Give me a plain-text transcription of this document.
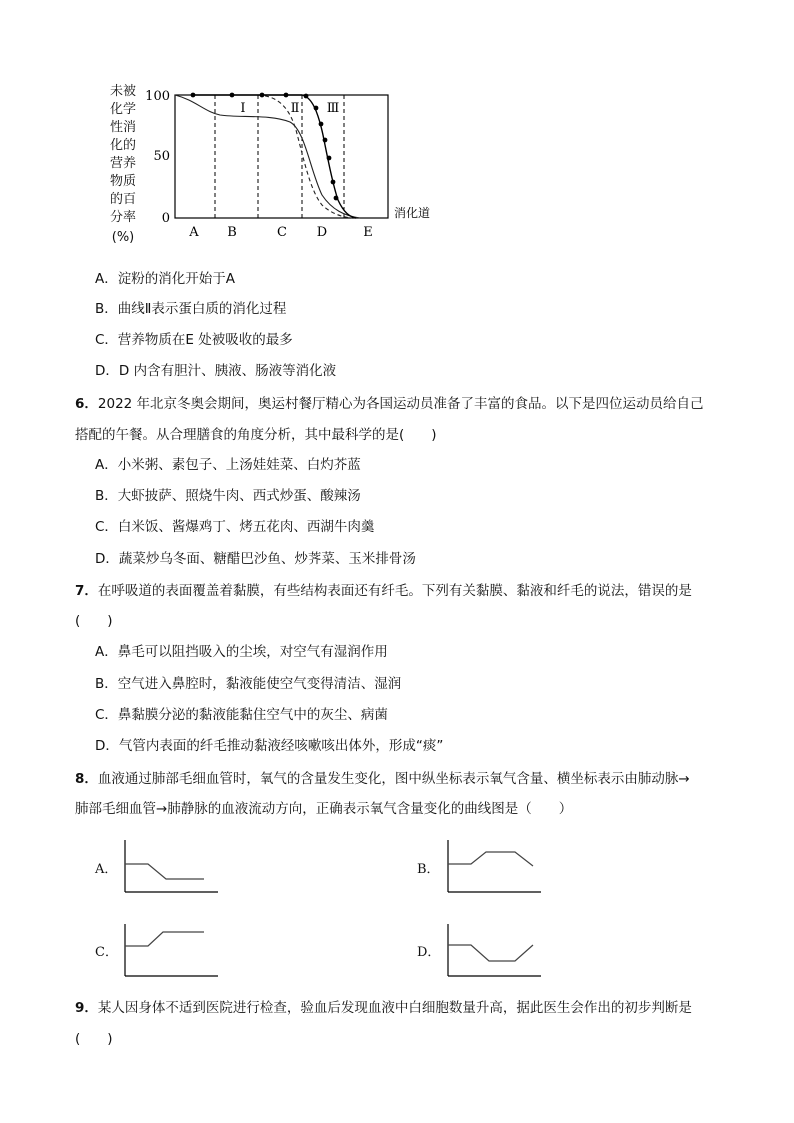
未被
化学
性消
化的
营养
物质
的百
分率
(%)
100
50
0
A B	C D	E
消化道
I	Ⅱ Ⅲ
A．淀粉的消化开始于A
B．曲线Ⅱ表示蛋白质的消化过程
C．营养物质在E 处被吸收的最多
D．D 内含有胆汁、胰液、肠液等消化液
6．2022 年北京冬奥会期间，奥运村餐厅精心为各国运动员准备了丰富的食品。以下是四位运动员给自己
搭配的午餐。从合理膳食的角度分析，其中最科学的是(　　)
A．小米粥、素包子、上汤娃娃菜、白灼芥蓝
B．大虾披萨、照烧牛肉、西式炒蛋、酸辣汤
C．白米饭、酱爆鸡丁、烤五花肉、西湖牛肉羹
D．蔬菜炒乌冬面、糖醋巴沙鱼、炒荠菜、玉米排骨汤
7．在呼吸道的表面覆盖着黏膜，有些结构表面还有纤毛。下列有关黏膜、黏液和纤毛的说法，错误的是
(　　)
A．鼻毛可以阻挡吸入的尘埃，对空气有湿润作用
B．空气进入鼻腔时，黏液能使空气变得清洁、湿润
C．鼻黏膜分泌的黏液能黏住空气中的灰尘、病菌
D．气管内表面的纤毛推动黏液经咳嗽咳出体外，形成“痰”
8．血液通过肺部毛细血管时，氧气的含量发生变化，图中纵坐标表示氧气含量、横坐标表示由肺动脉→
肺部毛细血管→肺静脉的血液流动方向，正确表示氧气含量变化的曲线图是（　　）
A．	B．
C．	D．
9．某人因身体不适到医院进行检查，验血后发现血液中白细胞数量升高，据此医生会作出的初步判断是
(　　)
